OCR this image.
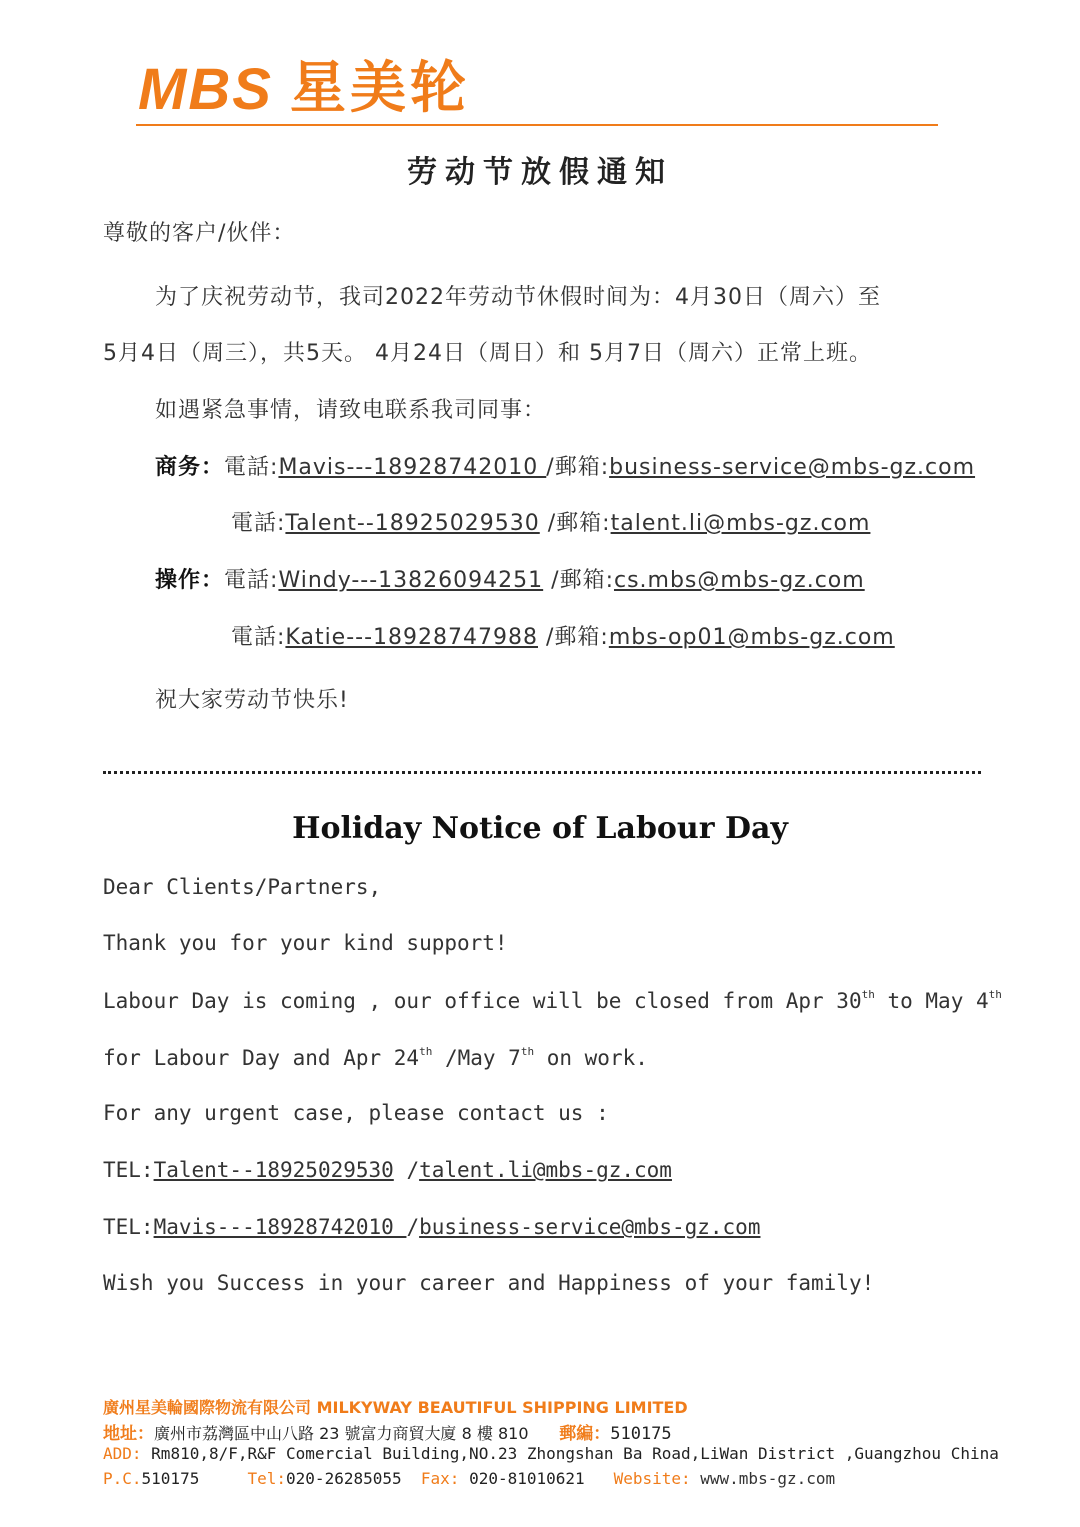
MBS 星美轮
劳动节放假通知
尊敬的客户/伙伴：
为了庆祝劳动节，我司2022年劳动节休假时间为：4月30日（周六）至
5月4日（周三），共5天。 4月24日（周日）和 5月7日（周六）正常上班。
如遇紧急事情，请致电联系我司同事：
商务：電話:Mavis---18928742010 /郵箱:business-service@mbs-gz.com
電話:Talent--18925029530 /郵箱:talent.li@mbs-gz.com
操作：電話:Windy---13826094251 /郵箱:cs.mbs@mbs-gz.com
電話:Katie---18928747988 /郵箱:mbs-op01@mbs-gz.com
祝大家劳动节快乐!
Holiday Notice of Labour Day
Dear Clients/Partners,
Thank you for your kind support!
Labour Day is coming , our office will be closed from Apr 30th to May 4th
for Labour Day and Apr 24th /May 7th on work.
For any urgent case, please contact us :
TEL:Talent--18925029530 /talent.li@mbs-gz.com
TEL:Mavis---18928742010 /business-service@mbs-gz.com
Wish you Success in your career and Happiness of your family!
廣州星美輪國際物流有限公司 MILKYWAY BEAUTIFUL SHIPPING LIMITED
地址：廣州市荔灣區中山八路 23 號富力商貿大廈 8 樓 810 郵編：510175
ADD: Rm810,8/F,R&F Comercial Building,NO.23 Zhongshan Ba Road,LiWan District ,Guangzhou China
P.C.510175	Tel:020-26285055 Fax: 020-81010621 Website: www.mbs-gz.com
